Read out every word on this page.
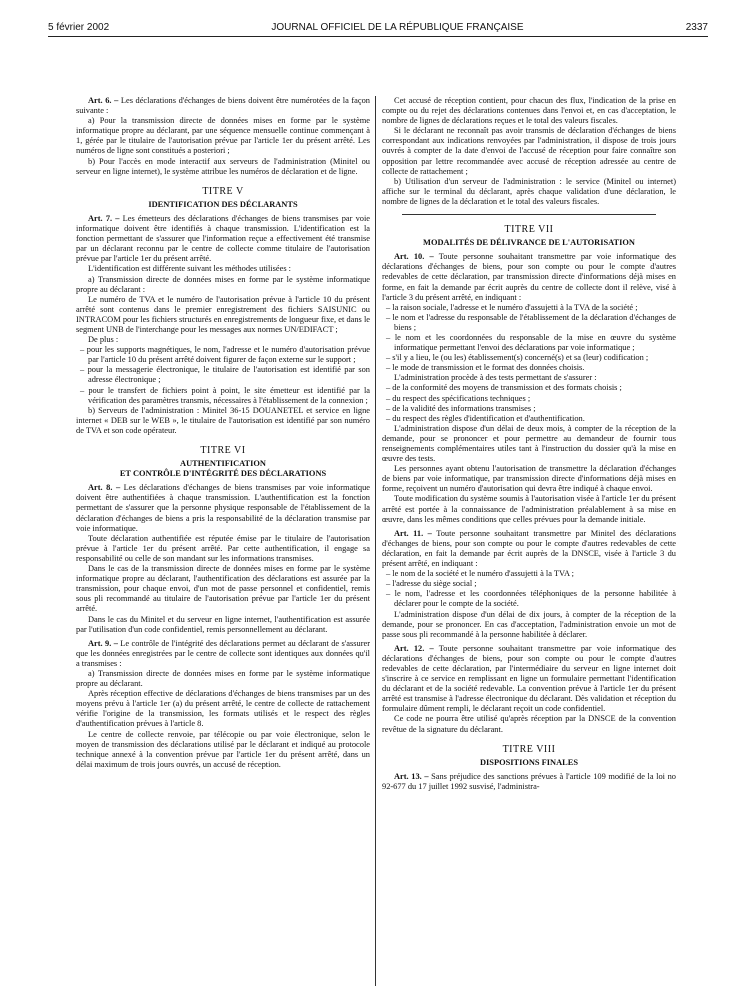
5 février 2002	JOURNAL OFFICIEL DE LA RÉPUBLIQUE FRANÇAISE	2337

Art. 6. – Les déclarations d'échanges de biens doivent être numérotées de la façon suivante :

a) Pour la transmission directe de données mises en forme par le système informatique propre au déclarant, par une séquence mensuelle continue commençant à 1, gérée par le titulaire de l'autorisation prévue par l'article 1er du présent arrêté. Les numéros de ligne sont constitués a posteriori ;

b) Pour l'accès en mode interactif aux serveurs de l'administration (Minitel ou serveur en ligne internet), le système attribue les numéros de déclaration et de ligne.

TITRE V
IDENTIFICATION DES DÉCLARANTS

Art. 7. – Les émetteurs des déclarations d'échanges de biens transmises par voie informatique doivent être identifiés à chaque transmission. L'identification est la fonction permettant de s'assurer que l'information reçue a effectivement été transmise par un déclarant reconnu par le centre de collecte comme titulaire de l'autorisation prévue par l'article 1er du présent arrêté.

L'identification est différente suivant les méthodes utilisées :

a) Transmission directe de données mises en forme par le système informatique propre au déclarant :

Le numéro de TVA et le numéro de l'autorisation prévue à l'article 10 du présent arrêté sont contenus dans le premier enregistrement des fichiers SAISUNIC ou INTRACOM pour les fichiers structurés en enregistrements de longueur fixe, et dans le segment UNB de l'interchange pour les messages aux normes UN/EDIFACT ;

De plus :

– pour les supports magnétiques, le nom, l'adresse et le numéro d'autorisation prévue par l'article 10 du présent arrêté doivent figurer de façon externe sur le support ;

– pour la messagerie électronique, le titulaire de l'autorisation est identifié par son adresse électronique ;

– pour le transfert de fichiers point à point, le site émetteur est identifié par la vérification des paramètres transmis, nécessaires à l'établissement de la connexion ;

b) Serveurs de l'administration : Minitel 36-15 DOUANETEL et service en ligne internet « DEB sur le WEB », le titulaire de l'autorisation est identifié par son numéro de TVA et son code opérateur.

TITRE VI
AUTHENTIFICATION
ET CONTRÔLE D'INTÉGRITÉ DES DÉCLARATIONS

Art. 8. – Les déclarations d'échanges de biens transmises par voie informatique doivent être authentifiées à chaque transmission. L'authentification est la fonction permettant de s'assurer que la personne physique responsable de l'établissement de la déclaration d'échanges de biens a pris la responsabilité de la déclaration transmise par voie informatique.

Toute déclaration authentifiée est réputée émise par le titulaire de l'autorisation prévue à l'article 1er du présent arrêté. Par cette authentification, il engage sa responsabilité ou celle de son mandant sur les informations transmises.

Dans le cas de la transmission directe de données mises en forme par le système informatique propre au déclarant, l'authentification des déclarations est assurée par la transmission, pour chaque envoi, d'un mot de passe personnel et confidentiel, remis sous pli recommandé au titulaire de l'autorisation prévue par l'article 1er du présent arrêté.

Dans le cas du Minitel et du serveur en ligne internet, l'authentification est assurée par l'utilisation d'un code confidentiel, remis personnellement au déclarant.

Art. 9. – Le contrôle de l'intégrité des déclarations permet au déclarant de s'assurer que les données enregistrées par le centre de collecte sont identiques aux données qu'il a transmises :

a) Transmission directe de données mises en forme par le système informatique propre au déclarant.

Après réception effective de déclarations d'échanges de biens transmises par un des moyens prévu à l'article 1er (a) du présent arrêté, le centre de collecte de rattachement vérifie l'origine de la transmission, les formats utilisés et le respect des règles d'authentification prévues à l'article 8.

Le centre de collecte renvoie, par télécopie ou par voie électronique, selon le moyen de transmission des déclarations utilisé par le déclarant et indiqué au protocole technique annexé à la convention prévue par l'article 1er du présent arrêté, dans un délai maximum de trois jours ouvrés, un accusé de réception.

Cet accusé de réception contient, pour chacun des flux, l'indication de la prise en compte ou du rejet des déclarations contenues dans l'envoi et, en cas d'acceptation, le nombre de lignes de déclarations reçues et le total des valeurs fiscales.

Si le déclarant ne reconnaît pas avoir transmis de déclaration d'échanges de biens correspondant aux indications renvoyées par l'administration, il dispose de trois jours ouvrés à compter de la date d'envoi de l'accusé de réception pour faire connaître son opposition par lettre recommandée avec accusé de réception adressée au centre de collecte de rattachement ;

b) Utilisation d'un serveur de l'administration : le service (Minitel ou internet) affiche sur le terminal du déclarant, après chaque validation d'une déclaration, le nombre de lignes de la déclaration et le total des valeurs fiscales.

TITRE VII
MODALITÉS DE DÉLIVRANCE DE L'AUTORISATION

Art. 10. – Toute personne souhaitant transmettre par voie informatique des déclarations d'échanges de biens, pour son compte ou pour le compte d'autres redevables de cette déclaration, par transmission directe d'informations déjà mises en forme, en fait la demande par écrit auprès du centre de collecte dont il relève, visé à l'article 3 du présent arrêté, en indiquant :

– la raison sociale, l'adresse et le numéro d'assujetti à la TVA de la société ;

– le nom et l'adresse du responsable de l'établissement de la déclaration d'échanges de biens ;

– le nom et les coordonnées du responsable de la mise en œuvre du système informatique permettant l'envoi des déclarations par voie informatique ;

– s'il y a lieu, le (ou les) établissement(s) concerné(s) et sa (leur) codification ;

– le mode de transmission et le format des données choisis.

L'administration procède à des tests permettant de s'assurer :

– de la conformité des moyens de transmission et des formats choisis ;

– du respect des spécifications techniques ;

– de la validité des informations transmises ;

– du respect des règles d'identification et d'authentification.

L'administration dispose d'un délai de deux mois, à compter de la réception de la demande, pour se prononcer et pour permettre au demandeur de fournir tous renseignements complémentaires utiles tant à l'instruction du dossier qu'à la mise en œuvre des tests.

Les personnes ayant obtenu l'autorisation de transmettre la déclaration d'échanges de biens par voie informatique, par transmission directe d'informations déjà mises en forme, reçoivent un numéro d'autorisation qui devra être indiqué à chaque envoi.

Toute modification du système soumis à l'autorisation visée à l'article 1er du présent arrêté est portée à la connaissance de l'administration préalablement à sa mise en œuvre, dans les mêmes conditions que celles prévues pour la demande initiale.

Art. 11. – Toute personne souhaitant transmettre par Minitel des déclarations d'échanges de biens, pour son compte ou pour le compte d'autres redevables de cette déclaration, en fait la demande par écrit auprès de la DNSCE, visée à l'article 3 du présent arrêté, en indiquant :

– le nom de la société et le numéro d'assujetti à la TVA ;

– l'adresse du siège social ;

– le nom, l'adresse et les coordonnées téléphoniques de la personne habilitée à déclarer pour le compte de la société.

L'administration dispose d'un délai de dix jours, à compter de la réception de la demande, pour se prononcer. En cas d'acceptation, l'administration envoie un mot de passe sous pli recommandé à la personne habilitée à déclarer.

Art. 12. – Toute personne souhaitant transmettre par voie informatique des déclarations d'échanges de biens, pour son compte ou pour le compte d'autres redevables de cette déclaration, par l'intermédiaire du serveur en ligne internet doit s'inscrire à ce service en remplissant en ligne un formulaire permettant l'identification du déclarant et de la société redevable. La convention prévue à l'article 1er du présent arrêté est transmise à l'adresse électronique du déclarant. Dès validation et réception du formulaire dûment rempli, le déclarant reçoit un code confidentiel.

Ce code ne pourra être utilisé qu'après réception par la DNSCE de la convention revêtue de la signature du déclarant.

TITRE VIII
DISPOSITIONS FINALES

Art. 13. – Sans préjudice des sanctions prévues à l'article 109 modifié de la loi no 92-677 du 17 juillet 1992 susvisé, l'administra-
